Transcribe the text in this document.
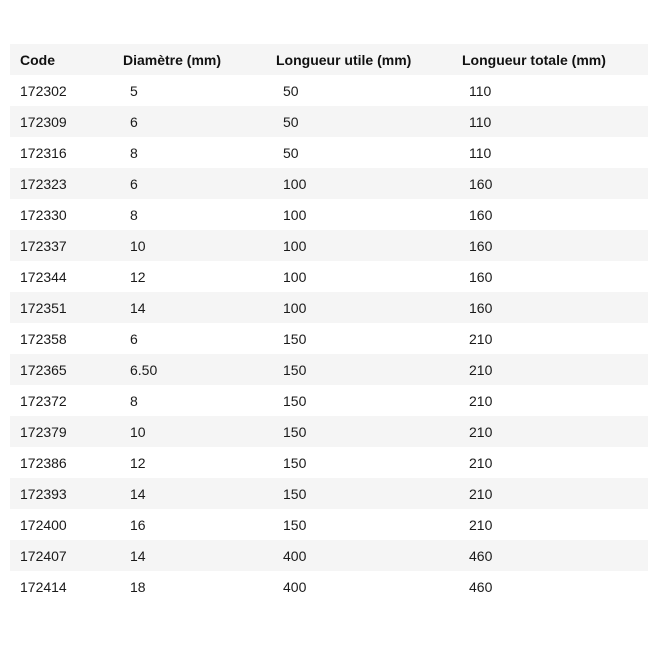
Code	Diamètre (mm)	Longueur utile (mm)	Longueur totale (mm)
172302	5	50	110
172309	6	50	110
172316	8	50	110
172323	6	100	160
172330	8	100	160
172337	10	100	160
172344	12	100	160
172351	14	100	160
172358	6	150	210
172365	6.50	150	210
172372	8	150	210
172379	10	150	210
172386	12	150	210
172393	14	150	210
172400	16	150	210
172407	14	400	460
172414	18	400	460
